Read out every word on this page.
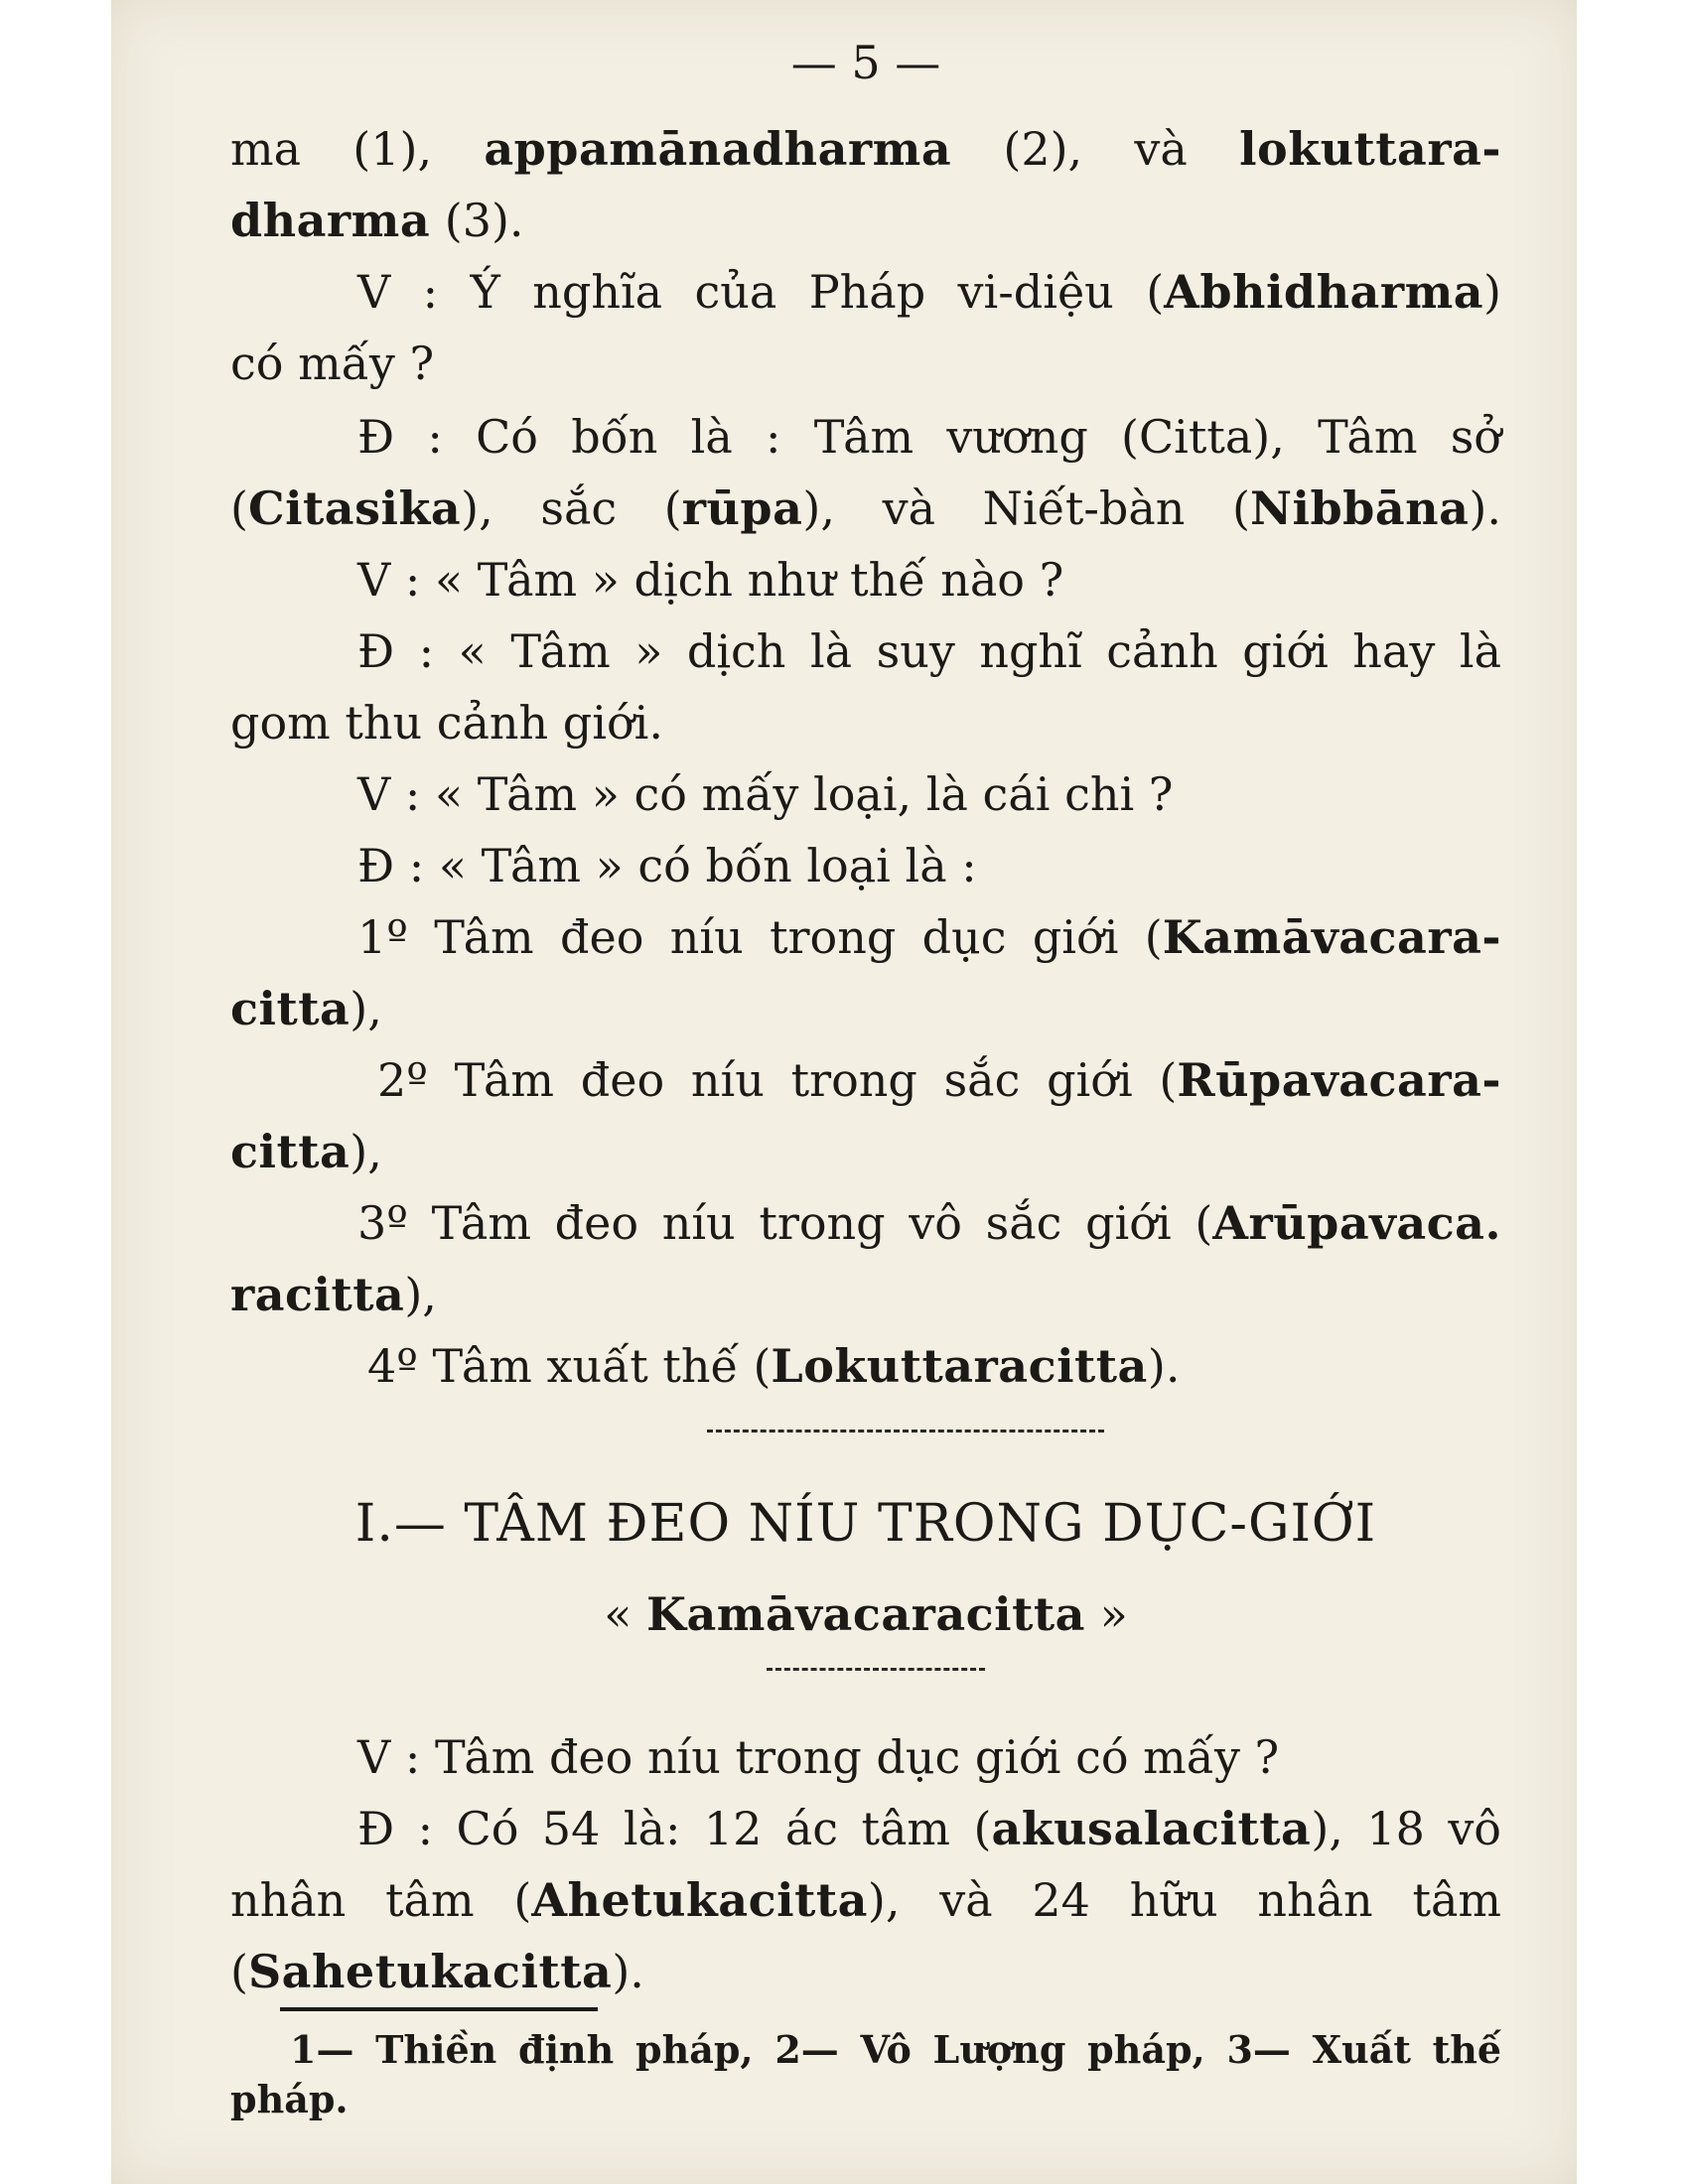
— 5 —
ma (1), appamānadharma (2), và lokuttara-
dharma (3).
V : Ý nghĩa của Pháp vi-diệu (Abhidharma)
có mấy ?
Đ : Có bốn là : Tâm vương (Citta), Tâm sở
(Citasika), sắc (rūpa), và Niết-bàn (Nibbāna).
V : « Tâm » dịch như thế nào ?
Đ : « Tâm » dịch là suy nghĩ cảnh giới hay là
gom thu cảnh giới.
V : « Tâm » có mấy loại, là cái chi ?
Đ : « Tâm » có bốn loại là :
1º Tâm đeo níu trong dục giới (Kamāvacara-
citta),
2º Tâm đeo níu trong sắc giới (Rūpavacara-
citta),
3º Tâm đeo níu trong vô sắc giới (Arūpavaca.
racitta),
4º Tâm xuất thế (Lokuttaracitta).
I.— TÂM ĐEO NÍU TRONG DỤC-GIỚI
« Kamāvacaracitta »
V : Tâm đeo níu trong dục giới có mấy ?
Đ : Có 54 là: 12 ác tâm (akusalacitta), 18 vô
nhân tâm (Ahetukacitta), và 24 hữu nhân tâm
(Sahetukacitta).
1— Thiền định pháp, 2— Vô Lượng pháp, 3— Xuất thế
pháp.
